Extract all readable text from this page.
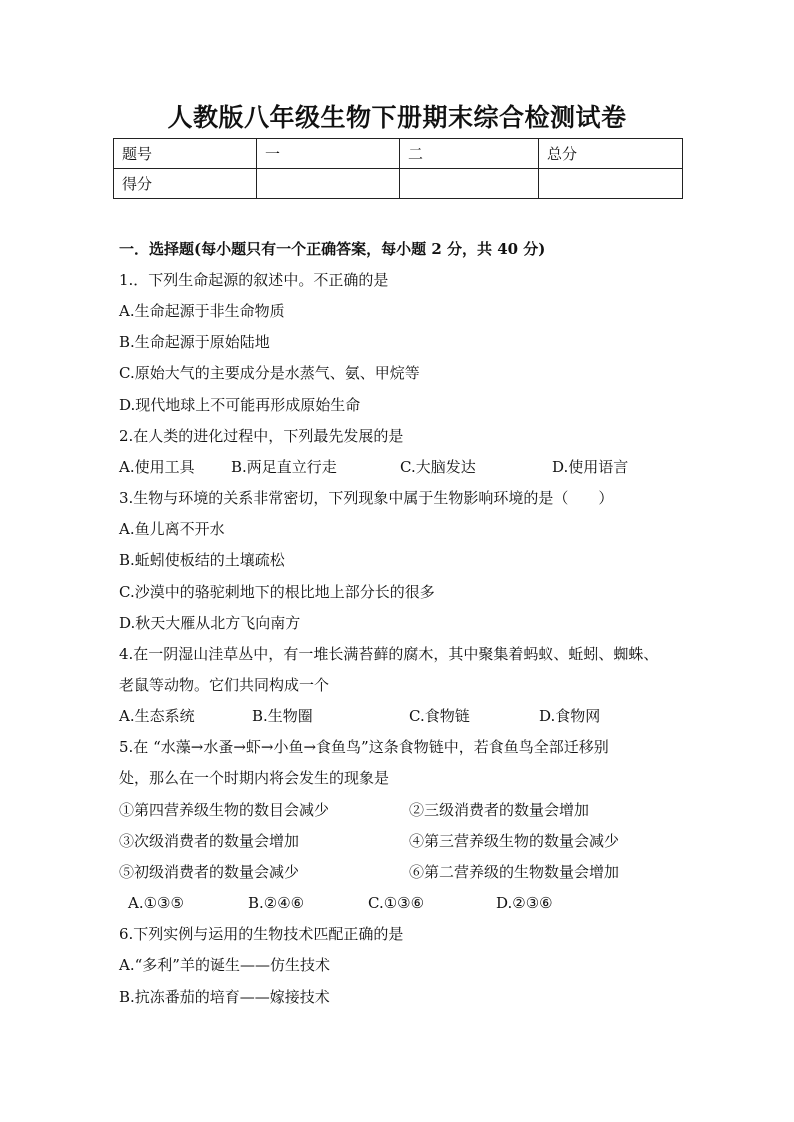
人教版八年级生物下册期末综合检测试卷
题号	一	二	总分
得分			
一．选择题(每小题只有一个正确答案，每小题 2 分，共 40 分)
1.．下列生命起源的叙述中。不正确的是
A.生命起源于非生命物质
B.生命起源于原始陆地
C.原始大气的主要成分是水蒸气、氨、甲烷等
D.现代地球上不可能再形成原始生命
2.在人类的进化过程中，下列最先发展的是
A.使用工具 B.两足直立行走	C.大脑发达	D.使用语言
3.生物与环境的关系非常密切，下列现象中属于生物影响环境的是（　　）
A.鱼儿离不开水
B.蚯蚓使板结的土壤疏松
C.沙漠中的骆驼刺地下的根比地上部分长的很多
D.秋天大雁从北方飞向南方
4.在一阴湿山洼草丛中，有一堆长满苔藓的腐木，其中聚集着蚂蚁、蚯蚓、蜘蛛、
老鼠等动物。它们共同构成一个
A.生态系统	B.生物圈	C.食物链	D.食物网
5.在 “水藻→水蚤→虾→小鱼→食鱼鸟”这条食物链中，若食鱼鸟全部迁移别
处，那么在一个时期内将会发生的现象是
①第四营养级生物的数目会减少	②三级消费者的数量会增加
③次级消费者的数量会增加	④第三营养级生物的数量会减少
⑤初级消费者的数量会减少	⑥第二营养级的生物数量会增加
A.①③⑤	B.②④⑥	C.①③⑥	D.②③⑥
6.下列实例与运用的生物技术匹配正确的是
A.“多利”羊的诞生——仿生技术
B.抗冻番茄的培育——嫁接技术
